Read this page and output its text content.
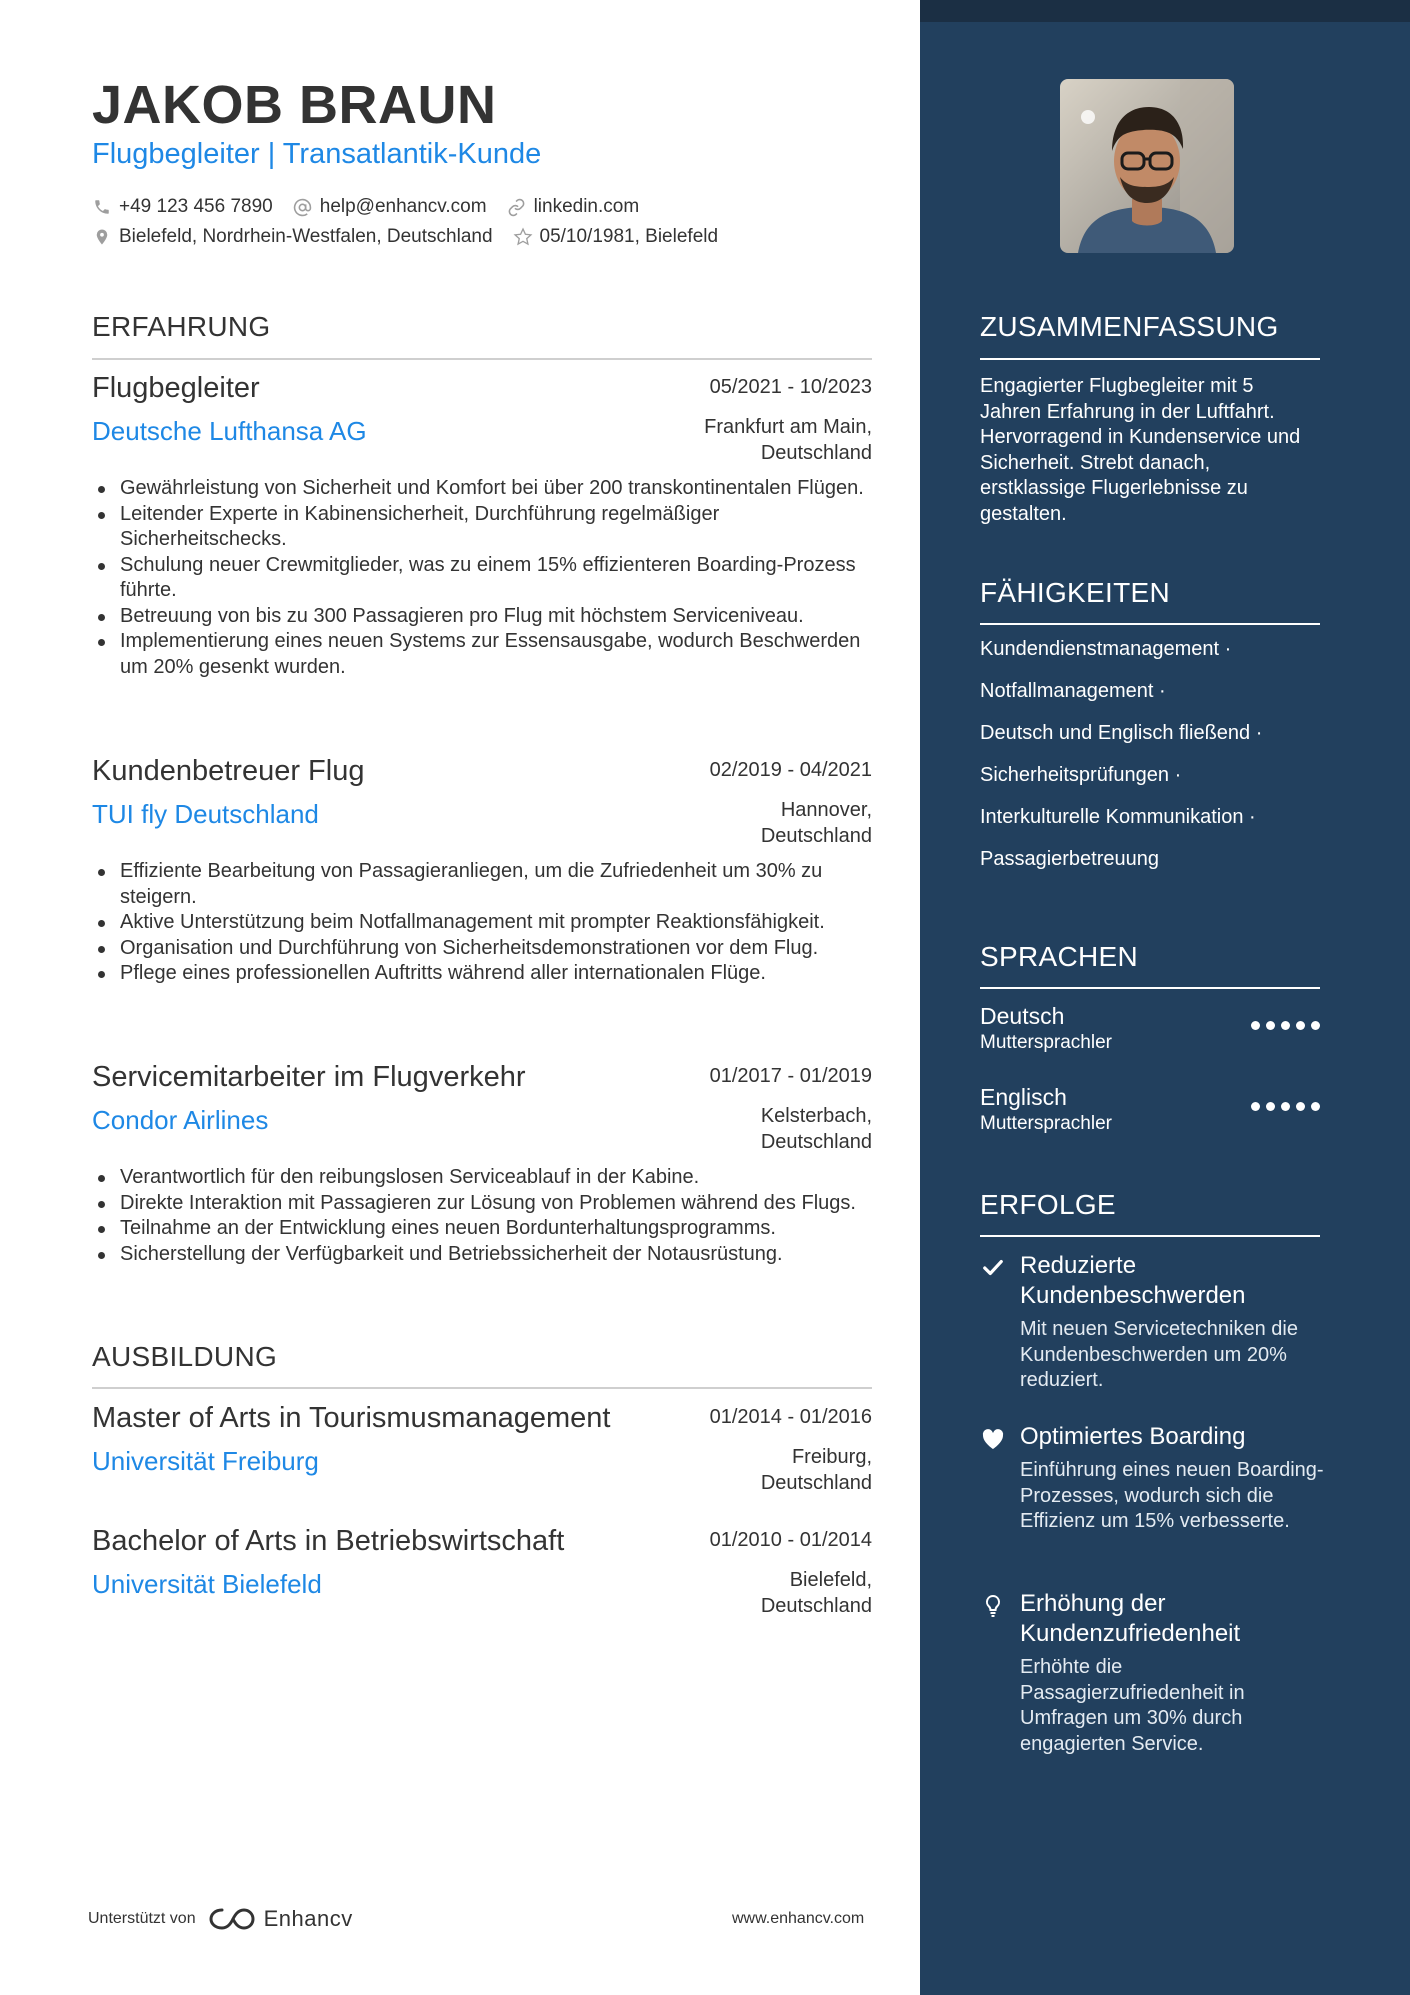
JAKOB BRAUN
Flugbegleiter | Transatlantik-Kunde
+49 123 456 7890 help@enhancv.com linkedin.com
Bielefeld, Nordrhein-Westfalen, Deutschland 05/10/1981, Bielefeld
ERFAHRUNG
Flugbegleiter	05/2021 - 10/2023
Deutsche Lufthansa AG	Frankfurt am Main,
Deutschland
Gewährleistung von Sicherheit und Komfort bei über 200 transkontinentalen Flügen.
Leitender Experte in Kabinensicherheit, Durchführung regelmäßiger Sicherheitschecks.
Schulung neuer Crewmitglieder, was zu einem 15% effizienteren Boarding-Prozess führte.
Betreuung von bis zu 300 Passagieren pro Flug mit höchstem Serviceniveau.
Implementierung eines neuen Systems zur Essensausgabe, wodurch Beschwerden um 20% gesenkt wurden.
Kundenbetreuer Flug	02/2019 - 04/2021
TUI fly Deutschland	Hannover,
Deutschland
Effiziente Bearbeitung von Passagieranliegen, um die Zufriedenheit um 30% zu steigern.
Aktive Unterstützung beim Notfallmanagement mit prompter Reaktionsfähigkeit.
Organisation und Durchführung von Sicherheitsdemonstrationen vor dem Flug.
Pflege eines professionellen Auftritts während aller internationalen Flüge.
Servicemitarbeiter im Flugverkehr	01/2017 - 01/2019
Condor Airlines	Kelsterbach,
Deutschland
Verantwortlich für den reibungslosen Serviceablauf in der Kabine.
Direkte Interaktion mit Passagieren zur Lösung von Problemen während des Flugs.
Teilnahme an der Entwicklung eines neuen Bordunterhaltungsprogramms.
Sicherstellung der Verfügbarkeit und Betriebssicherheit der Notausrüstung.
AUSBILDUNG
Master of Arts in Tourismusmanagement	01/2014 - 01/2016
Universität Freiburg	Freiburg,
Deutschland
Bachelor of Arts in Betriebswirtschaft	01/2010 - 01/2014
Universität Bielefeld	Bielefeld,
Deutschland
Unterstützt von	Enhancv	www.enhancv.com
ZUSAMMENFASSUNG
Engagierter Flugbegleiter mit 5 Jahren Erfahrung in der Luftfahrt. Hervorragend in Kundenservice und Sicherheit. Strebt danach, erstklassige Flugerlebnisse zu gestalten.
FÄHIGKEITEN
Kundendienstmanagement ·
Notfallmanagement ·
Deutsch und Englisch fließend ·
Sicherheitsprüfungen ·
Interkulturelle Kommunikation ·
Passagierbetreuung
SPRACHEN
Deutsch
Muttersprachler
Englisch
Muttersprachler
ERFOLGE
Reduzierte Kundenbeschwerden
Mit neuen Servicetechniken die Kundenbeschwerden um 20% reduziert.
Optimiertes Boarding
Einführung eines neuen Boarding-Prozesses, wodurch sich die Effizienz um 15% verbesserte.
Erhöhung der Kundenzufriedenheit
Erhöhte die Passagierzufriedenheit in Umfragen um 30% durch engagierten Service.
